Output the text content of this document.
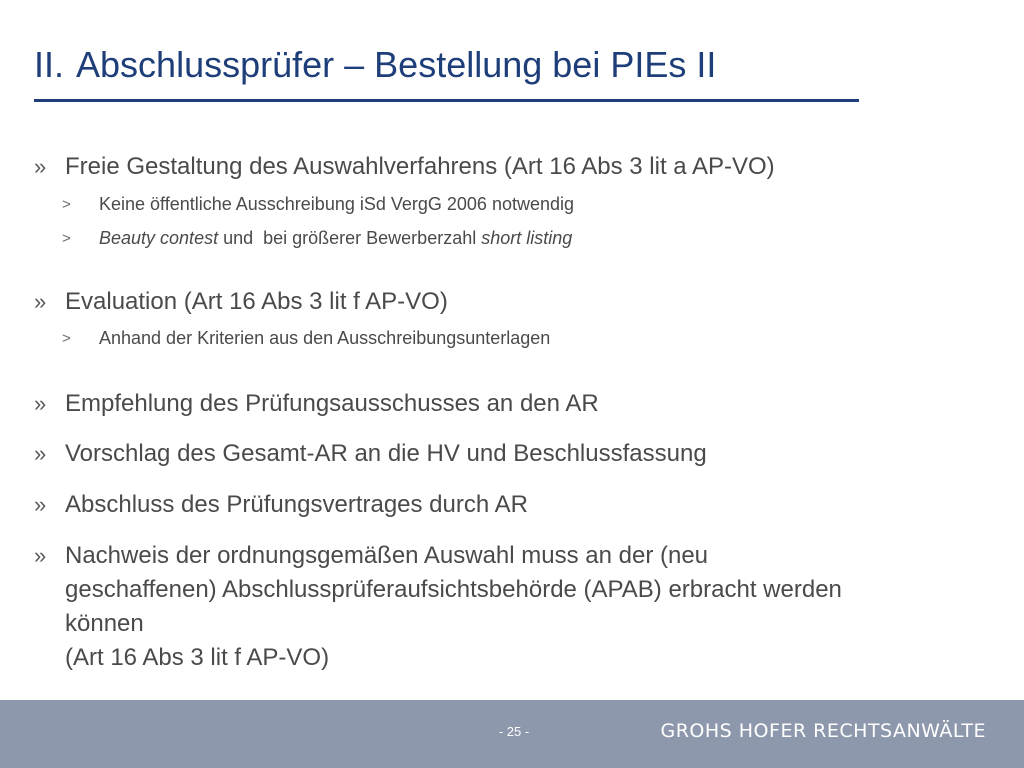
II. Abschlussprüfer – Bestellung bei PIEs II
» Freie Gestaltung des Auswahlverfahrens (Art 16 Abs 3 lit a AP-VO)
> Keine öffentliche Ausschreibung iSd VergG 2006 notwendig
> Beauty contest und  bei größerer Bewerberzahl short listing
» Evaluation (Art 16 Abs 3 lit f AP-VO)
> Anhand der Kriterien aus den Ausschreibungsunterlagen
» Empfehlung des Prüfungsausschusses an den AR
» Vorschlag des Gesamt-AR an die HV und Beschlussfassung
» Abschluss des Prüfungsvertrages durch AR
» Nachweis der ordnungsgemäßen Auswahl muss an der (neu
geschaffenen) Abschlussprüferaufsichtsbehörde (APAB) erbracht werden
können
(Art 16 Abs 3 lit f AP-VO)
- 25 -	GROHS HOFER RECHTSANWÄLTE
